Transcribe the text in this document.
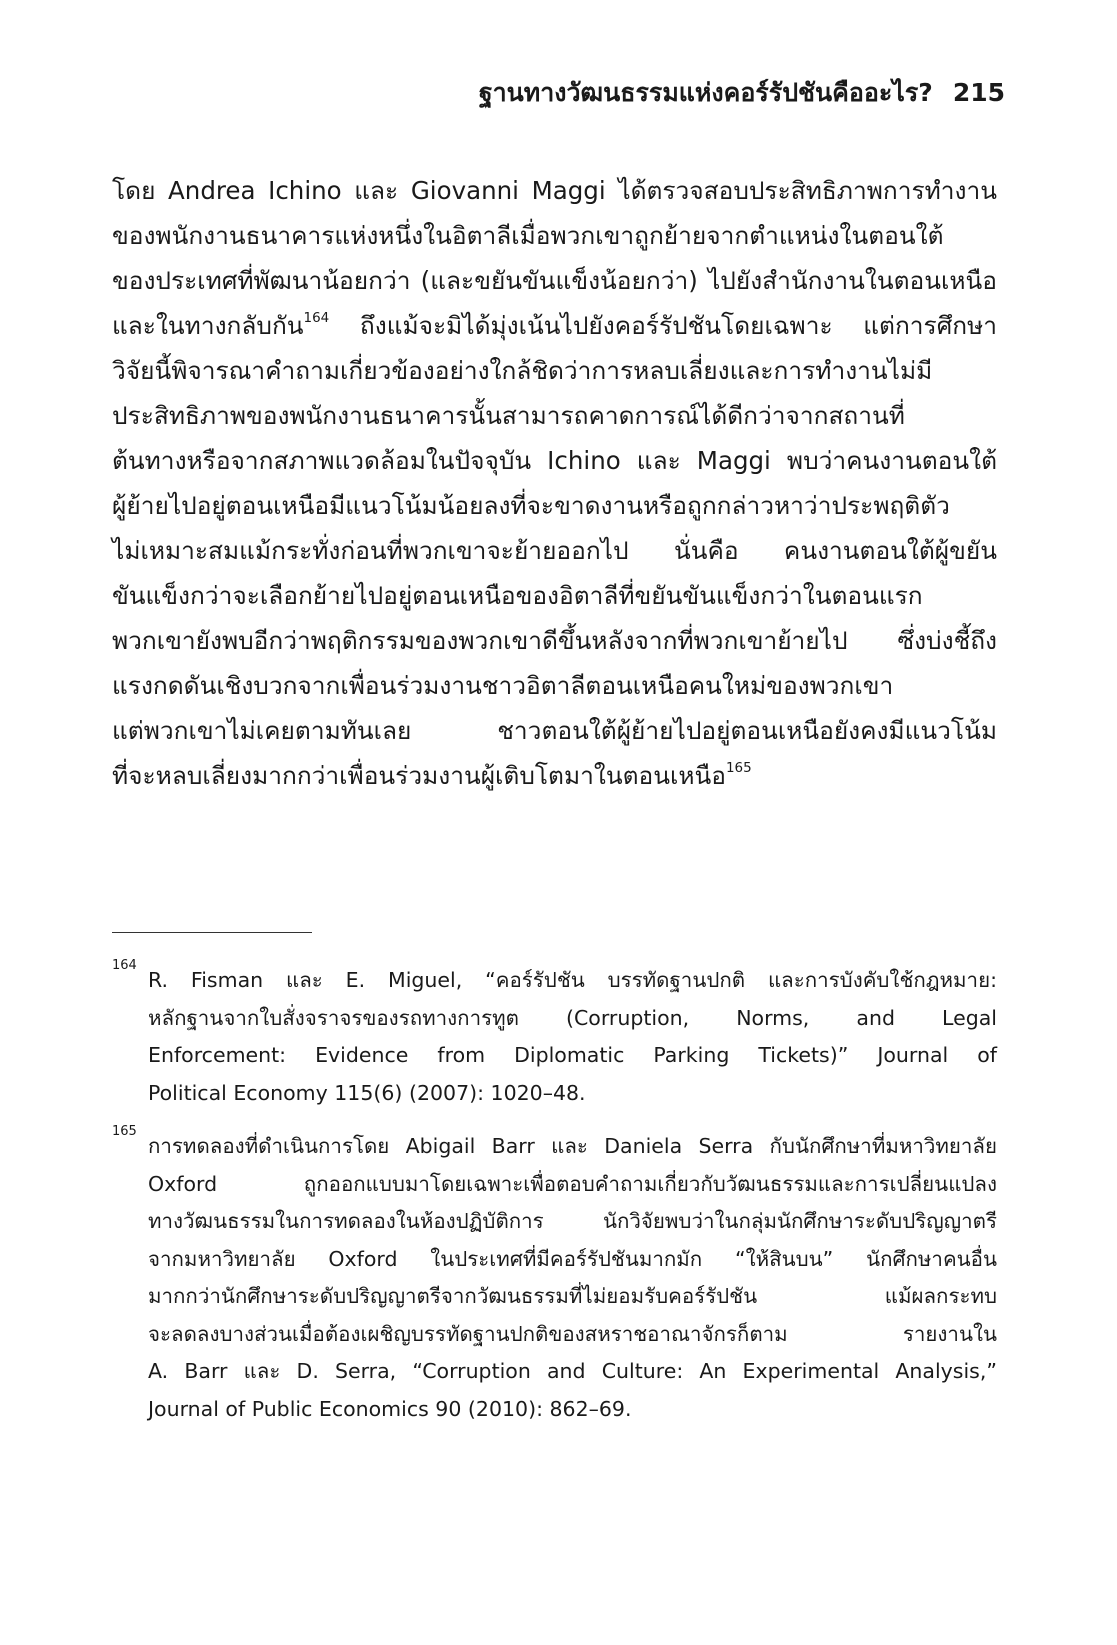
ฐานทางวัฒนธรรมแห่งคอร์รัปชันคืออะไร? 215
โดย Andrea Ichino และ Giovanni Maggi ได้ตรวจสอบประสิทธิภาพการทำงาน
ของพนักงานธนาคารแห่งหนึ่งในอิตาลีเมื่อพวกเขาถูกย้ายจากตำแหน่งในตอนใต้
ของประเทศที่พัฒนาน้อยกว่า (และขยันขันแข็งน้อยกว่า) ไปยังสำนักงานในตอนเหนือ
และในทางกลับกัน$^{164}$ ถึงแม้จะมิได้มุ่งเน้นไปยังคอร์รัปชันโดยเฉพาะ แต่การศึกษา
วิจัยนี้พิจารณาคำถามเกี่ยวข้องอย่างใกล้ชิดว่าการหลบเลี่ยงและการทำงานไม่มี
ประสิทธิภาพของพนักงานธนาคารนั้นสามารถคาดการณ์ได้ดีกว่าจากสถานที่
ต้นทางหรือจากสภาพแวดล้อมในปัจจุบัน Ichino และ Maggi พบว่าคนงานตอนใต้
ผู้ย้ายไปอยู่ตอนเหนือมีแนวโน้มน้อยลงที่จะขาดงานหรือถูกกล่าวหาว่าประพฤติตัว
ไม่เหมาะสมแม้กระทั่งก่อนที่พวกเขาจะย้ายออกไป นั่นคือ คนงานตอนใต้ผู้ขยัน
ขันแข็งกว่าจะเลือกย้ายไปอยู่ตอนเหนือของอิตาลีที่ขยันขันแข็งกว่าในตอนแรก
พวกเขายังพบอีกว่าพฤติกรรมของพวกเขาดีขึ้นหลังจากที่พวกเขาย้ายไป ซึ่งบ่งชี้ถึง
แรงกดดันเชิงบวกจากเพื่อนร่วมงานชาวอิตาลีตอนเหนือคนใหม่ของพวกเขา
แต่พวกเขาไม่เคยตามทันเลย ชาวตอนใต้ผู้ย้ายไปอยู่ตอนเหนือยังคงมีแนวโน้ม
ที่จะหลบเลี่ยงมากกว่าเพื่อนร่วมงานผู้เติบโตมาในตอนเหนือ$^{165}$
164
R. Fisman และ E. Miguel, “คอร์รัปชัน บรรทัดฐานปกติ และการบังคับใช้กฎหมาย:
หลักฐานจากใบสั่งจราจรของรถทางการทูต (Corruption, Norms, and Legal
Enforcement: Evidence from Diplomatic Parking Tickets)” Journal of
Political Economy 115(6) (2007): 1020–48.
165
การทดลองที่ดำเนินการโดย Abigail Barr และ Daniela Serra กับนักศึกษาที่มหาวิทยาลัย
Oxford ถูกออกแบบมาโดยเฉพาะเพื่อตอบคำถามเกี่ยวกับวัฒนธรรมและการเปลี่ยนแปลง
ทางวัฒนธรรมในการทดลองในห้องปฏิบัติการ นักวิจัยพบว่าในกลุ่มนักศึกษาระดับปริญญาตรี
จากมหาวิทยาลัย Oxford ในประเทศที่มีคอร์รัปชันมากมัก “ให้สินบน” นักศึกษาคนอื่น
มากกว่านักศึกษาระดับปริญญาตรีจากวัฒนธรรมที่ไม่ยอมรับคอร์รัปชัน แม้ผลกระทบ
จะลดลงบางส่วนเมื่อต้องเผชิญบรรทัดฐานปกติของสหราชอาณาจักรก็ตาม รายงานใน
A. Barr และ D. Serra, “Corruption and Culture: An Experimental Analysis,”
Journal of Public Economics 90 (2010): 862–69.
